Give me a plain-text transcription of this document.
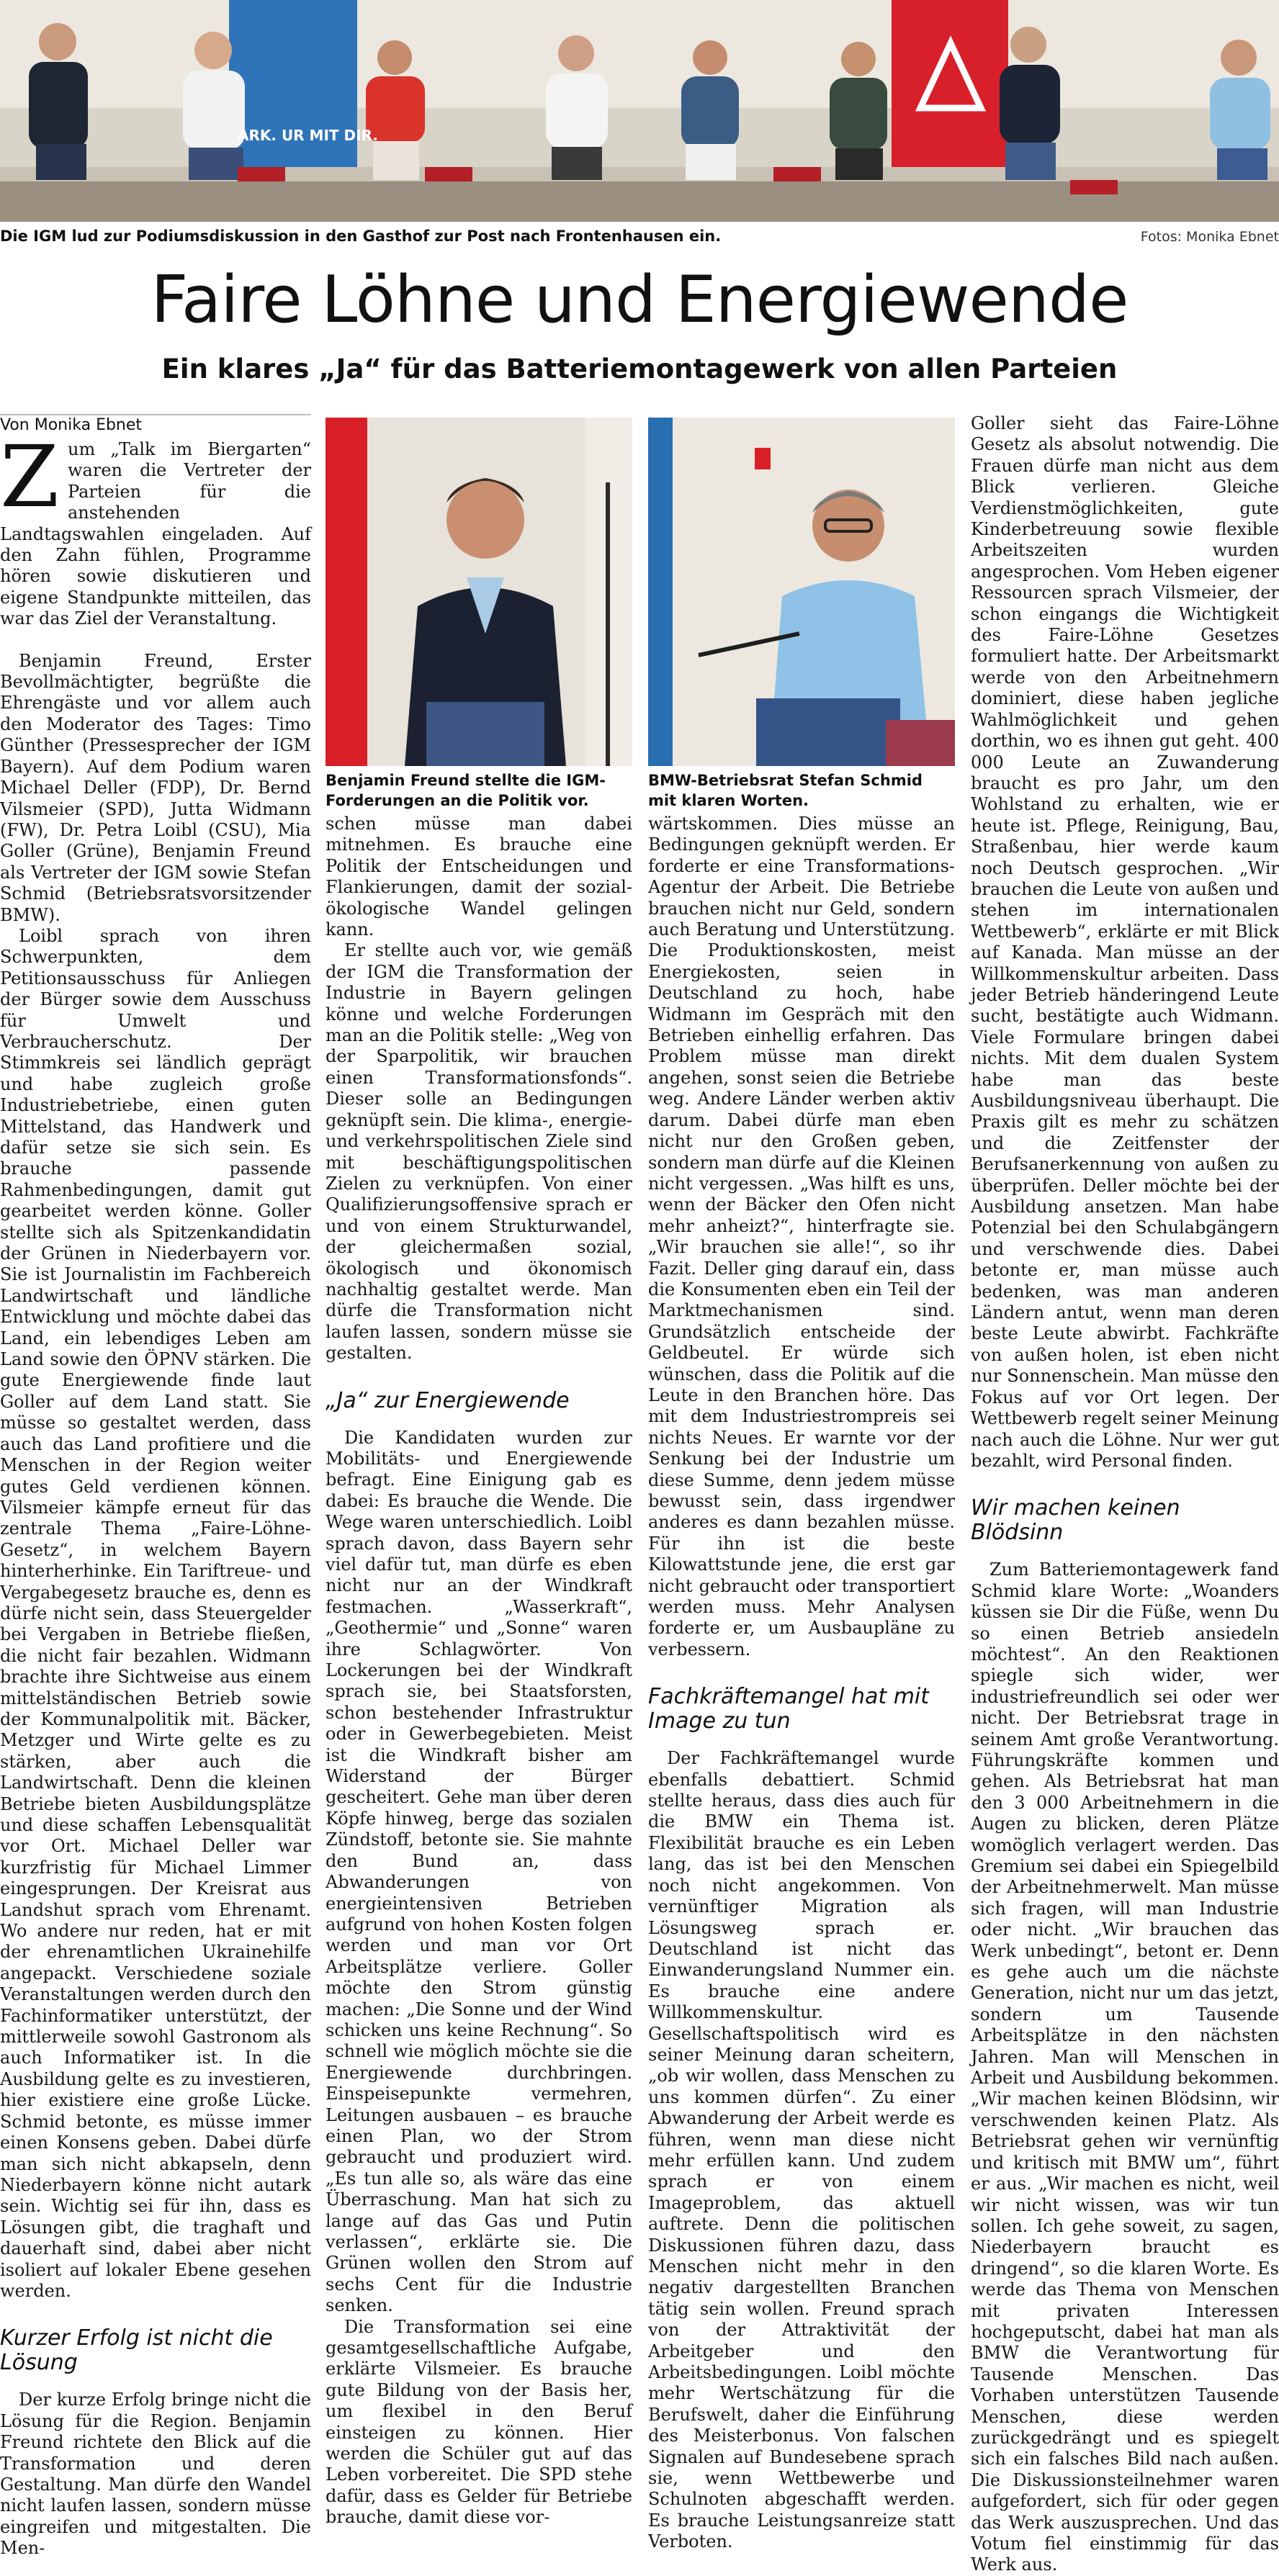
ARK. UR MIT DIR.
Die IGM lud zur Podiumsdiskussion in den Gasthof zur Post nach Frontenhausen ein.	Fotos: Monika Ebnet
Faire Löhne und Energiewende
Ein klares „Ja“ für das Batteriemontagewerk von allen Parteien
Von Monika Ebnet

Zum „Talk im Biergarten“ waren die Vertreter der Parteien für die anstehenden Landtagswahlen eingeladen. Auf den Zahn fühlen, Programme hören sowie diskutieren und eigene Standpunkte mitteilen, das war das Ziel der Veranstaltung.

Benjamin Freund, Erster Bevollmächtigter, begrüßte die Ehrengäste und vor allem auch den Moderator des Tages: Timo Günther (Pressesprecher der IGM Bayern). Auf dem Podium waren Michael Deller (FDP), Dr. Bernd Vilsmeier (SPD), Jutta Widmann (FW), Dr. Petra Loibl (CSU), Mia Goller (Grüne), Benjamin Freund als Vertreter der IGM sowie Stefan Schmid (Betriebsratsvorsitzender BMW).

Loibl sprach von ihren Schwerpunkten, dem Petitionsausschuss für Anliegen der Bürger sowie dem Ausschuss für Umwelt und Verbraucherschutz. Der Stimmkreis sei ländlich geprägt und habe zugleich große Industriebetriebe, einen guten Mittelstand, das Handwerk und dafür setze sie sich sein. Es brauche passende Rahmenbedingungen, damit gut gearbeitet werden könne. Goller stellte sich als Spitzenkandidatin der Grünen in Niederbayern vor. Sie ist Journalistin im Fachbereich Landwirtschaft und ländliche Entwicklung und möchte dabei das Land, ein lebendiges Leben am Land sowie den ÖPNV stärken. Die gute Energiewende finde laut Goller auf dem Land statt. Sie müsse so gestaltet werden, dass auch das Land profitiere und die Menschen in der Region weiter gutes Geld verdienen können. Vilsmeier kämpfe erneut für das zentrale Thema „Faire-Löhne-Gesetz“, in welchem Bayern hinterherhinke. Ein Tariftreue- und Vergabegesetz brauche es, denn es dürfe nicht sein, dass Steuergelder bei Vergaben in Betriebe fließen, die nicht fair bezahlen. Widmann brachte ihre Sichtweise aus einem mittelständischen Betrieb sowie der Kommunalpolitik mit. Bäcker, Metzger und Wirte gelte es zu stärken, aber auch die Landwirtschaft. Denn die kleinen Betriebe bieten Ausbildungsplätze und diese schaffen Lebensqualität vor Ort. Michael Deller war kurzfristig für Michael Limmer eingesprungen. Der Kreisrat aus Landshut sprach vom Ehrenamt. Wo andere nur reden, hat er mit der ehrenamtlichen Ukrainehilfe angepackt. Verschiedene soziale Veranstaltungen werden durch den Fachinformatiker unterstützt, der mittlerweile sowohl Gastronom als auch Informatiker ist. In die Ausbildung gelte es zu investieren, hier existiere eine große Lücke. Schmid betonte, es müsse immer einen Konsens geben. Dabei dürfe man sich nicht abkapseln, denn Niederbayern könne nicht autark sein. Wichtig sei für ihn, dass es Lösungen gibt, die traghaft und dauerhaft sind, dabei aber nicht isoliert auf lokaler Ebene gesehen werden.

Kurzer Erfolg ist nicht die Lösung

Der kurze Erfolg bringe nicht die Lösung für die Region. Benjamin Freund richtete den Blick auf die Transformation und deren Gestaltung. Man dürfe den Wandel nicht laufen lassen, sondern müsse eingreifen und mitgestalten. Die Men-

Benjamin Freund stellte die IGM-Forderungen an die Politik vor.
BMW-Betriebsrat Stefan Schmid mit klaren Worten.

schen müsse man dabei mitnehmen. Es brauche eine Politik der Entscheidungen und Flankierungen, damit der sozial-ökologische Wandel gelingen kann.

Er stellte auch vor, wie gemäß der IGM die Transformation der Industrie in Bayern gelingen könne und welche Forderungen man an die Politik stelle: „Weg von der Sparpolitik, wir brauchen einen Transformationsfonds“. Dieser solle an Bedingungen geknüpft sein. Die klima-, energie- und verkehrspolitischen Ziele sind mit beschäftigungspolitischen Zielen zu verknüpfen. Von einer Qualifizierungsoffensive sprach er und von einem Strukturwandel, der gleichermaßen sozial, ökologisch und ökonomisch nachhaltig gestaltet werde. Man dürfe die Transformation nicht laufen lassen, sondern müsse sie gestalten.

„Ja“ zur Energiewende

Die Kandidaten wurden zur Mobilitäts- und Energiewende befragt. Eine Einigung gab es dabei: Es brauche die Wende. Die Wege waren unterschiedlich. Loibl sprach davon, dass Bayern sehr viel dafür tut, man dürfe es eben nicht nur an der Windkraft festmachen. „Wasserkraft“, „Geothermie“ und „Sonne“ waren ihre Schlagwörter. Von Lockerungen bei der Windkraft sprach sie, bei Staatsforsten, schon bestehender Infrastruktur oder in Gewerbegebieten. Meist ist die Windkraft bisher am Widerstand der Bürger gescheitert. Gehe man über deren Köpfe hinweg, berge das sozialen Zündstoff, betonte sie. Sie mahnte den Bund an, dass Abwanderungen von energieintensiven Betrieben aufgrund von hohen Kosten folgen werden und man vor Ort Arbeitsplätze verliere. Goller möchte den Strom günstig machen: „Die Sonne und der Wind schicken uns keine Rechnung“. So schnell wie möglich möchte sie die Energiewende durchbringen. Einspeisepunkte vermehren, Leitungen ausbauen – es brauche einen Plan, wo der Strom gebraucht und produziert wird. „Es tun alle so, als wäre das eine Überraschung. Man hat sich zu lange auf das Gas und Putin verlassen“, erklärte sie. Die Grünen wollen den Strom auf sechs Cent für die Industrie senken.

Die Transformation sei eine gesamtgesellschaftliche Aufgabe, erklärte Vilsmeier. Es brauche gute Bildung von der Basis her, um flexibel in den Beruf einsteigen zu können. Hier werden die Schüler gut auf das Leben vorbereitet. Die SPD stehe dafür, dass es Gelder für Betriebe brauche, damit diese vor-

wärtskommen. Dies müsse an Bedingungen geknüpft werden. Er forderte er eine Transformations-Agentur der Arbeit. Die Betriebe brauchen nicht nur Geld, sondern auch Beratung und Unterstützung. Die Produktionskosten, meist Energiekosten, seien in Deutschland zu hoch, habe Widmann im Gespräch mit den Betrieben einhellig erfahren. Das Problem müsse man direkt angehen, sonst seien die Betriebe weg. Andere Länder werben aktiv darum. Dabei dürfe man eben nicht nur den Großen geben, sondern man dürfe auf die Kleinen nicht vergessen. „Was hilft es uns, wenn der Bäcker den Ofen nicht mehr anheizt?“, hinterfragte sie. „Wir brauchen sie alle!“, so ihr Fazit. Deller ging darauf ein, dass die Konsumenten eben ein Teil der Marktmechanismen sind. Grundsätzlich entscheide der Geldbeutel. Er würde sich wünschen, dass die Politik auf die Leute in den Branchen höre. Das mit dem Industriestrompreis sei nichts Neues. Er warnte vor der Senkung bei der Industrie um diese Summe, denn jedem müsse bewusst sein, dass irgendwer anderes es dann bezahlen müsse. Für ihn ist die beste Kilowattstunde jene, die erst gar nicht gebraucht oder transportiert werden muss. Mehr Analysen forderte er, um Ausbaupläne zu verbessern.

Fachkräftemangel hat mit Image zu tun

Der Fachkräftemangel wurde ebenfalls debattiert. Schmid stellte heraus, dass dies auch für die BMW ein Thema ist. Flexibilität brauche es ein Leben lang, das ist bei den Menschen noch nicht angekommen. Von vernünftiger Migration als Lösungsweg sprach er. Deutschland ist nicht das Einwanderungsland Nummer ein. Es brauche eine andere Willkommenskultur. Gesellschaftspolitisch wird es seiner Meinung daran scheitern, „ob wir wollen, dass Menschen zu uns kommen dürfen“. Zu einer Abwanderung der Arbeit werde es führen, wenn man diese nicht mehr erfüllen kann. Und zudem sprach er von einem Imageproblem, das aktuell auftrete. Denn die politischen Diskussionen führen dazu, dass Menschen nicht mehr in den negativ dargestellten Branchen tätig sein wollen. Freund sprach von der Attraktivität der Arbeitgeber und den Arbeitsbedingungen. Loibl möchte mehr Wertschätzung für die Berufswelt, daher die Einführung des Meisterbonus. Von falschen Signalen auf Bundesebene sprach sie, wenn Wettbewerbe und Schulnoten abgeschafft werden. Es brauche Leistungsanreize statt Verboten.

Goller sieht das Faire-Löhne Gesetz als absolut notwendig. Die Frauen dürfe man nicht aus dem Blick verlieren. Gleiche Verdienstmöglichkeiten, gute Kinderbetreuung sowie flexible Arbeitszeiten wurden angesprochen. Vom Heben eigener Ressourcen sprach Vilsmeier, der schon eingangs die Wichtigkeit des Faire-Löhne Gesetzes formuliert hatte. Der Arbeitsmarkt werde von den Arbeitnehmern dominiert, diese haben jegliche Wahlmöglichkeit und gehen dorthin, wo es ihnen gut geht. 400 000 Leute an Zuwanderung braucht es pro Jahr, um den Wohlstand zu erhalten, wie er heute ist. Pflege, Reinigung, Bau, Straßenbau, hier werde kaum noch Deutsch gesprochen. „Wir brauchen die Leute von außen und stehen im internationalen Wettbewerb“, erklärte er mit Blick auf Kanada. Man müsse an der Willkommenskultur arbeiten. Dass jeder Betrieb händeringend Leute sucht, bestätigte auch Widmann. Viele Formulare bringen dabei nichts. Mit dem dualen System habe man das beste Ausbildungsniveau überhaupt. Die Praxis gilt es mehr zu schätzen und die Zeitfenster der Berufsanerkennung von außen zu überprüfen. Deller möchte bei der Ausbildung ansetzen. Man habe Potenzial bei den Schulabgängern und verschwende dies. Dabei betonte er, man müsse auch bedenken, was man anderen Ländern antut, wenn man deren beste Leute abwirbt. Fachkräfte von außen holen, ist eben nicht nur Sonnenschein. Man müsse den Fokus auf vor Ort legen. Der Wettbewerb regelt seiner Meinung nach auch die Löhne. Nur wer gut bezahlt, wird Personal finden.

Wir machen keinen Blödsinn

Zum Batteriemontagewerk fand Schmid klare Worte: „Woanders küssen sie Dir die Füße, wenn Du so einen Betrieb ansiedeln möchtest“. An den Reaktionen spiegle sich wider, wer industriefreundlich sei oder wer nicht. Der Betriebsrat trage in seinem Amt große Verantwortung. Führungskräfte kommen und gehen. Als Betriebsrat hat man den 3 000 Arbeitnehmern in die Augen zu blicken, deren Plätze womöglich verlagert werden. Das Gremium sei dabei ein Spiegelbild der Arbeitnehmerwelt. Man müsse sich fragen, will man Industrie oder nicht. „Wir brauchen das Werk unbedingt“, betont er. Denn es gehe auch um die nächste Generation, nicht nur um das jetzt, sondern um Tausende Arbeitsplätze in den nächsten Jahren. Man will Menschen in Arbeit und Ausbildung bekommen. „Wir machen keinen Blödsinn, wir verschwenden keinen Platz. Als Betriebsrat gehen wir vernünftig und kritisch mit BMW um“, führt er aus. „Wir machen es nicht, weil wir nicht wissen, was wir tun sollen. Ich gehe soweit, zu sagen, Niederbayern braucht es dringend“, so die klaren Worte. Es werde das Thema von Menschen mit privaten Interessen hochgeputscht, dabei hat man als BMW die Verantwortung für Tausende Menschen. Das Vorhaben unterstützen Tausende Menschen, diese werden zurückgedrängt und es spiegelt sich ein falsches Bild nach außen. Die Diskussionsteilnehmer waren aufgefordert, sich für oder gegen das Werk auszusprechen. Und das Votum fiel einstimmig für das Werk aus.
